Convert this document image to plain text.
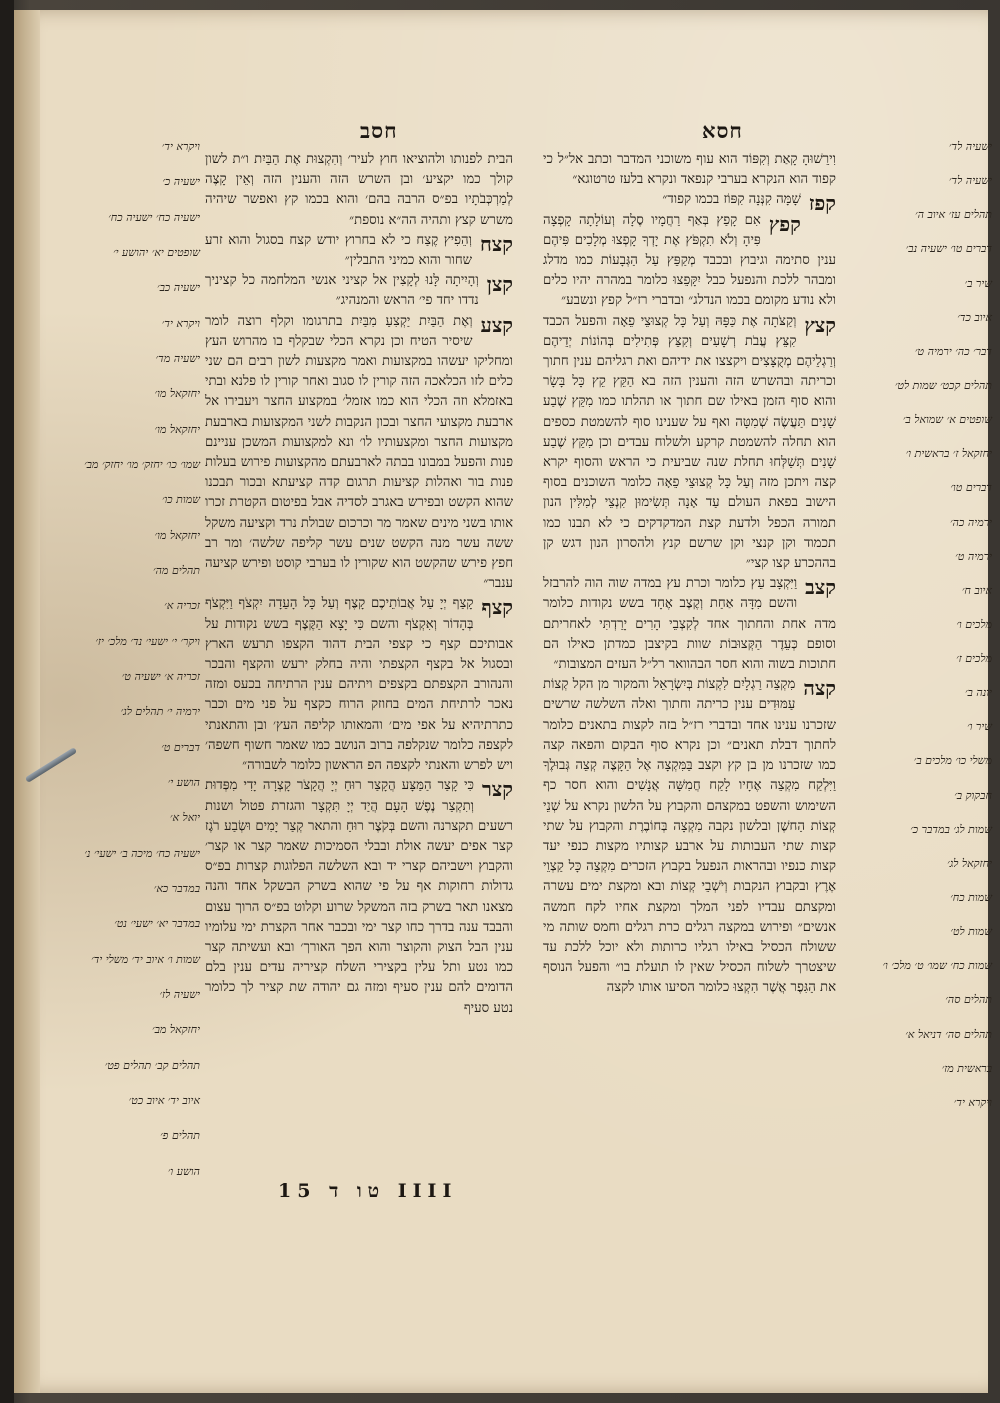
חסא
חסב

וִירֵשׁוּהָ קָאַת וְקִפּוֹד הוא עוף משוכני המדבר וכתב אל״ל כי קפוד הוא הנקרא בערבי קנפאד ונקרא בלעז טרטוגא״

קפז

שָׁמָּה קִנְּנָה קִפּוֹז בכמו קפוד״

קפץ

אִם קָפַץ בְּאַף רַחֲמָיו סֶלָה וְעוֹלָתָה קָפְצָה פִּיהָ וְלֹא תִקְפֹּץ אֶת יָדְךָ קָפְצוּ מְלָכִים פִּיהֶם ענין סתימה וגיבוץ ובכבד מְקַפֵּץ עַל הַגְּבָעוֹת כמו מדלג ומבהר ללכת והנפעל כבל יִקָּפֵצוּ כלומר במהרה יהיו כלים ולא נודע מקומם בכמו הנדלג״ ובדברי רז״ל קפץ ונשבע״

קצץ

וְקַצֹּתָה אֶת כַּפָּהּ וְעַל כָּל קְצוּצֵי פֵאָה והפעל הכבד קִצֵּץ עֲבֹת רְשָׁעִים וְקִצֵּץ פְּתִילִים בְּהוֹנוֹת יְדֵיהֶם וְרַגְלֵיהֶם מְקֻצָּצִים ויקצצו את ידיהם ואת רגליהם ענין חתוך וכריתה ובהשרש הזה והענין הזה בא הַקֵּץ קֵץ כָּל בָּשָׂר והוא סוף הזמן באילו שם חתוך או תהלתו כמו מִקֵּץ שֶׁבַע שָׁנִים תַּעֲשֶׂה שְׁמִטָּה ואף על שענינו סוף להשמטת כספים הוא תחלה להשמטת קרקע ולשלוח עבדים וכן מִקֵּץ שֶׁבַע שָׁנִים תְּשַׁלְּחוּ תחלת שנה שביעית כי הראש והסוף יקרא קצה ויתכן מזה וְעַל כָּל קְצוּצֵי פֵאָה כלומר השוכנים בסוף הישוב בפאת העולם עַד אָנָה תְּשִׂימוּן קִנְצֵי לְמִלִּין הנון תמורה הכפל ולדעת קצת המדקדקים כי לא תבנו כמו תכמוד וקן קנצי וקן שרשם קנץ ולהסרון הנון דגש קן בההכרע קצו קצי״

קצב

וַיִּקְצָב עֵץ כלומר וכרת עץ במדה שוה הוה להרבזל והשם מִדָּה אַחַת וְקֶצֶב אֶחָד בשש נקודות כלומר מדה אחת והחתוך אחד לְקִצְבֵי הָרִים יָרַדְתִּי לאחריתם וסופם כְּעֵדֶר הַקְּצוּבוֹת שוות בקיצבן כמדתן כאילו הם חתוכות בשוה והוא חסר הבהוואר רל״ל העזים המצובות״

קצה

מִקְצֵה רַגְלָיִם לִקְצוֹת בְּיִשְׂרָאֵל והמקור מן הקל קְצוֹת עַמּוּדִים ענין כריתה וחתוך ואלה השלשה שרשים שזכרנו ענינו אחד ובדברי רז״ל בזה לקצות בתאנים כלומר לחתוך דבלת תאנים״ וכן נקרא סוף הבקום והפאה קצה כמו שזכרנו מן בן קץ וקצב בַּמִּקְצָה אֶל הַקָּצֶה קְצֵה גְּבוּלֶךָ וַיִּלְקַח מִקְצֵה אֶחָיו לָקַח חֲמִשָּׁה אֲנָשִׁים והוא חסר כף השימוש והשפט במקצהם והקבוץ על הלשון נקרא על שְׁנֵי קְצוֹת הַחשֶׁן ובלשון נקבה מִקְצָה בְּחוֹבֶרֶת והקבוץ על שתי קצות שתי העבותות על ארבע קצותיו מקצות כנפי יעד קצות כנפיו ובהראות הנפעל בקבוץ הזכרים מִקְצֵה כָּל קַצְוֵי אֶרֶץ ובקבוץ הנקבות וְיֹשְׁבֵי קְצוֹת ובא ומקצת ימים עשרה ומקצתם עבדיו לפני המלך ומקצת אחיו לקח חמשה אנשים״ ופירוש במקצה רגלים כרת רגלים וחמס שותה מי ששולח הכסיל באילו רגליו כרותות ולא יוכל ללכת עד שיצטרך לשלוח הכסיל שאין לו תועלת בו״ והפעל הנוסף את הַגִּפֶר אֲשֶׁר הִקְצוּ כלומר הסיעו אותו לקצה

הבית לפנותו ולהוציאו חוץ לעיר׳ וְהִקְצוּת אֶת הַבַּיִת ו״ת לשון קולך כמו יקציע׳ ובן השרש הזה והענין הזה וְאֵין קָצֶה לְמַרְכְּבֹתָיו בפ״ס הרבה בהם׳ והוא בכמו קץ ואפשר שיהיה משרש קצץ ותהיה הה״א נוספת״

קצח

וְהֵפִיץ קֶצַח כי לא בחרוץ יודש קצח בסגול והוא זרע שחור והוא כמיני התבלין״

קצן

וְהָיִיתָה לָּנוּ לְקָצִין אל קציני אנשי המלחמה כל קציניך נדדו יחד פי׳ הראש והמנהיג״

קצע

וְאֶת הַבַּיִת יַקְצִעַ מִבַּיִת בתרגומו וקלף רוצה לומר שיסיר הטיח וכן נקרא הכלי שבקלף בו מהרוש העץ ומחליקו יעשהו במקצועות ואמר מקצעות לשון רבים הם שני כלים לזו הכלאכה הזה קורין לו סגוב ואחר קורין לו פלנא ובתי באזמלא וזה הכלי הוא כמו אזמל׳ במקצוע החצר ויעבירו אל ארבעת מקצועי החצר ובכון הנקבות לשני המקצועות בארבעת מקצועות החצר ומקצעותיו לו׳ ונא למקצועות המשכן עניינם פנות והפעל במבונו בבתה לארבעתם מהקצועות פירוש בעלות פנות בור ואהלות קציעות תרגום קדה קציעתא ובכור תבכנו שהוא הקשט ובפירש באגרב לסדיה אבל בפיטום הקטרת זכרו אותו בשני מינים שאמר מר וכרכום שבולת נרד וקציעה משקל ששה עשר מנה הקשט שנים עשר קליפה שלשה׳ ומר רב חפץ פירש שהקשט הוא שקורין לו בערבי קוסט ופירש קציעה ענבר״

קצף

קָצַף יְיָ עַל אֲבוֹתֵיכֶם קָצֶף וְעַל כָּל הָעֵדָה יִקְצֹף וַיִּקְצֹף בְּהָדוֹר וְאִקְצֹף והשם כִּי יָצָא הַקֶּצֶף בשש נקודות על אבותיכם קצף כי קצפי הבית דהוד הקצפו תרעש הארץ ובסגול אל בקצף הקצפתי והיה בחלק ירעש והקצף והבכר והנהורב הקצפתם בקצפים ויתיהם ענין הרתיחה בכעס ומזה נאכר לרתיחת המים בחוזק הרוח כקצף על פני מים וכבר כתרתיהיא על אפי מים׳ והמאותו קליפה העץ׳ ובן והתאנתי לקצפה כלומר שנקלפה ברוב הנושב כמו שאמר חשוף חשפה׳ ויש לפרש והאנתי לקצפה הפ הראשון כלומר לשבורה״

קצר

כִּי קָצַר הַמַּצָּע הֲקָצַר רוּחַ יְיָ הֲקָצֹר קָצְרָה יָדִי מִפְּדוּת וְתִקְצַר נֶפֶשׁ הָעָם הֲיַד יְיָ תִּקְצָר והגזרת פטול ושנות רשעים תקצרנה והשם בְּקֹצֶר רוּחַ והתאר קְצַר יָמִים וּשְׂבַע רֹגֶז קצר אפים יעשה אולת ובבלי הסמיכות שאמר קצר או קצר׳ והקבוץ וישביהם קצרי יד ובא השלשה הפלוגות קצרות בפ״ס גדולות רחוקות אף על פי שהוא בשרק הבשקל אחד והנה מצאנו תאר בשרק בזה המשקל שרוע וקלוט בפ״ס הרוך עצום והבבד ענה בדרך כחו קצר ימי ובכבר אחר הקצרת ימי עלומיו ענין הבל הצוק והקוצר והוא הפך האורך׳ ובא ועשיתה קצר כמו נטע ותל עלין בקצירי השלח קציריה עדים ענין בלם הדומים להם ענין סעיף ומזה גם יהודה שת קציר לך כלומר נטע סעיף

ישעיה לד׳
ישעיה לד׳
תהלים עז׳ איוב ה׳
דברים טו׳ ישעיה נב׳
שיר ב׳
איוב כד׳
דבר׳ כה׳ ירמיה ט׳
תהלים קכט׳ שמות לט׳
שופטים א׳ שמואל ב׳
יחזקאל ז׳ בראשית ו׳
דברים טו׳
ירמיה כה׳
ירמיה ט׳
איוב ח׳
מלכים ו׳
מלכים ז׳
יונה ב׳
שיר ו׳
משלי כו׳ מלכים ב׳
חבקוק ב׳
שמות לג׳ במדבר כ׳
יחזקאל לג׳
שמות כח׳
שמות לט׳
שמות כח׳ שמו׳ ט׳ מלכ׳ ו׳
תהלים סה׳
תהלים סה׳ דניאל א׳
בראשית מז׳
ויקרא יד׳
ויקרא יד׳
ישעיה כ׳
ישעיה כח׳ ישעיה כח׳
שופטים יא׳ יהושע י׳
ישעיה כב׳
ויקרא יד׳
ישעיה מד׳
יחזקאל מו׳
יחזקאל מו׳
שמו׳ כו׳ יחזק׳ מו׳ יחזק׳ מב׳
שמות כו׳
יחזקאל מו׳
תהלים מה׳
זכריה א׳
ויקר׳ י׳ ישעי׳ נד׳ מלכ׳ יז׳
זכריה א׳ ישעיה ט׳
ירמיה י׳ תהלים לג׳
דברים ט׳
הושע י׳
יואל א׳
ישעיה כח׳ מיכה ב׳ ישעי׳ נ׳
במדבר כא׳
במדבר יא׳ ישעי׳ נט׳
שמות ו׳ איוב יד׳ משלי יד׳
ישעיה לז׳
יחזקאל מב׳
תהלים קב׳ תהלים פט׳
איוב יד׳ איוב כט׳
תהלים פ׳
הושע ו׳
טו ד 15 IIII
